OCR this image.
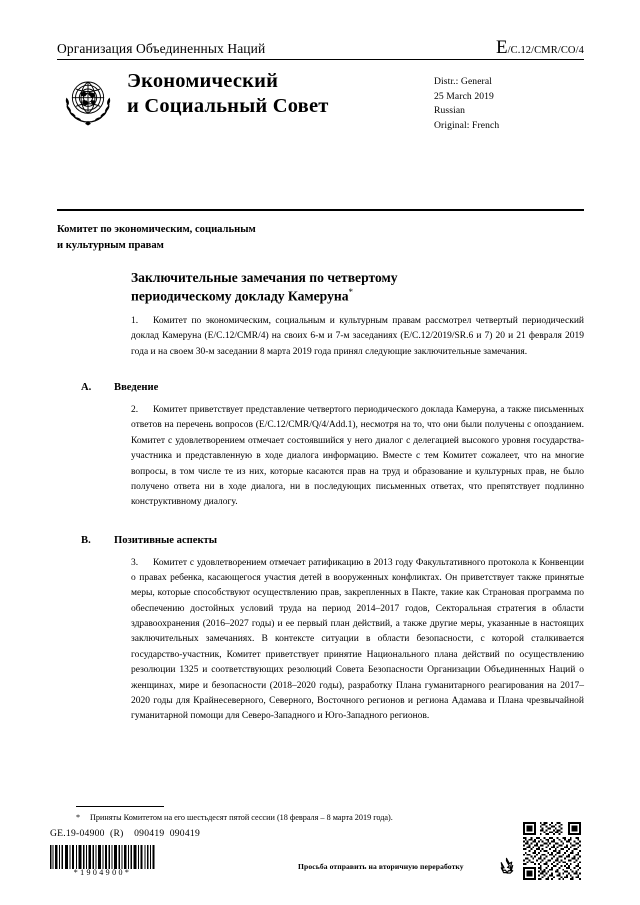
Организация Объединенных Наций	E/C.12/CMR/CO/4
Экономический
и Социальный Совет
Distr.: General
25 March 2019
Russian
Original: French
Комитет по экономическим, социальным
и культурным правам
Заключительные замечания по четвертому
периодическому докладу Камеруна*

1.	Комитет по экономическим, социальным и культурным правам рассмотрел четвертый периодический доклад Камеруна (E/C.12/CMR/4) на своих 6-м и 7-м заседаниях (E/C.12/2019/SR.6 и 7) 20 и 21 февраля 2019 года и на своем 30-м заседании 8 марта 2019 года принял следующие заключительные замечания.

A. Введение

2.	Комитет приветствует представление четвертого периодического доклада Камеруна, а также письменных ответов на перечень вопросов (E/C.12/CMR/Q/4/Add.1), несмотря на то, что они были получены с опозданием. Комитет с удовлетворением отмечает состоявшийся у него диалог с делегацией высокого уровня государства-участника и представленную в ходе диалога информацию. Вместе с тем Комитет сожалеет, что на многие вопросы, в том числе те из них, которые касаются прав на труд и образование и культурных прав, не было получено ответа ни в ходе диалога, ни в последующих письменных ответах, что препятствует подлинно конструктивному диалогу.

B. Позитивные аспекты

3.	Комитет с удовлетворением отмечает ратификацию в 2013 году Факультативного протокола к Конвенции о правах ребенка, касающегося участия детей в вооруженных конфликтах. Он приветствует также принятые меры, которые способствуют осуществлению прав, закрепленных в Пакте, такие как Страновая программа по обеспечению достойных условий труда на период 2014–2017 годов, Секторальная стратегия в области здравоохранения (2016–2027 годы) и ее первый план действий, а также другие меры, указанные в настоящих заключительных замечаниях. В контексте ситуации в области безопасности, с которой сталкивается государство-участник, Комитет приветствует принятие Национального плана действий по осуществлению резолюции 1325 и соответствующих резолюций Совета Безопасности Организации Объединенных Наций о женщинах, мире и безопасности (2018–2020 годы), разработку Плана гуманитарного реагирования на 2017–2020 годы для Крайнесеверного, Северного, Восточного регионов и региона Адамава и Плана чрезвычайной гуманитарной помощи для Северо-Западного и Юго-Западного регионов.

* Приняты Комитетом на его шестьдесят пятой сессии (18 февраля – 8 марта 2019 года).
GE.19-04900  (R)    090419  090419
*1904900*
Просьба отправить на вторичную переработку
